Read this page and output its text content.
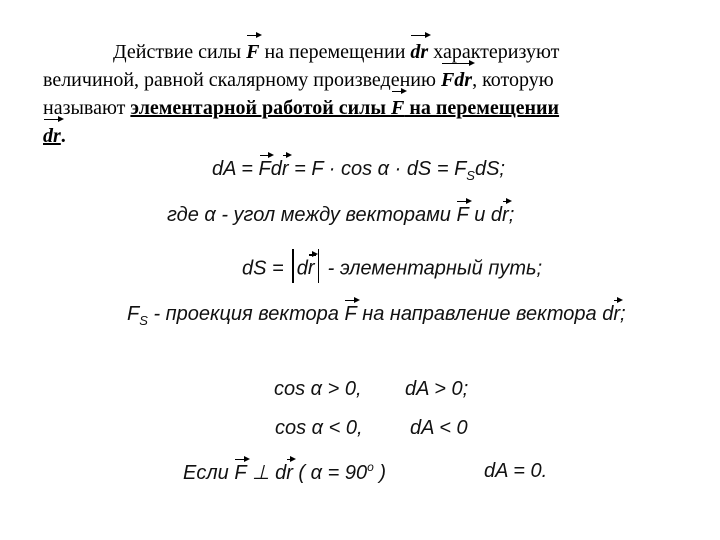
Действие силы F на перемещении dr характеризуют
величиной, равной скалярному произведению Fdr, которую
называют элементарной работой силы F на перемещении
dr.
dA = Fdr = F · cos α · dS = $F_SdS$;
где α - угол между векторами F и dr;
dS = dr - элементарный путь;
$F_S$ - проекция вектора F на направление вектора dr;
cos α > 0, dA > 0;
cos α < 0, dA < 0
Если F ⊥ dr ( $\alpha = 90^o$ )	dA = 0.
